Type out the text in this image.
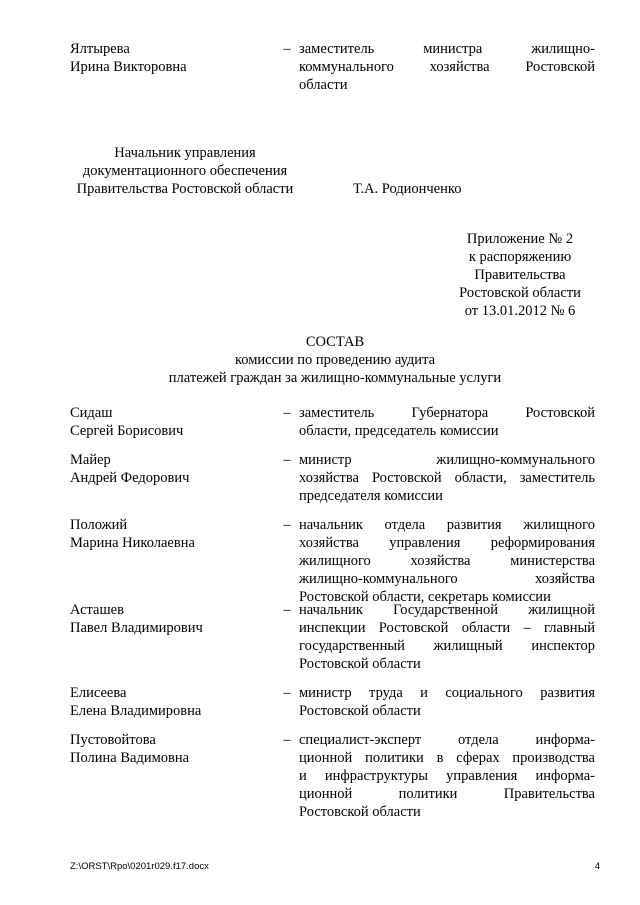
Ялтырева
Ирина Викторовна
– заместитель министра жилищно-
коммунального хозяйства Ростовской
области
Начальник управления
документационного обеспечения
Правительства Ростовской области	Т.А. Родионченко
Приложение № 2
к распоряжению
Правительства
Ростовской области
от 13.01.2012 № 6
СОСТАВ
комиссии по проведению аудита
платежей граждан за жилищно-коммунальные услуги
Сидаш
Сергей Борисович
– заместитель Губернатора Ростовской
области, председатель комиссии
Майер
Андрей Федорович
– министр жилищно-коммунального
хозяйства Ростовской области, заместитель
председателя комиссии
Положий
Марина Николаевна
– начальник отдела развития жилищного
хозяйства управления реформирования
жилищного хозяйства министерства
жилищно-коммунального хозяйства
Ростовской области, секретарь комиссии
Асташев
Павел Владимирович
– начальник Государственной жилищной
инспекции Ростовской области – главный
государственный жилищный инспектор
Ростовской области
Елисеева
Елена Владимировна
– министр труда и социального развития
Ростовской области
Пустовойтова
Полина Вадимовна
– специалист-эксперт отдела информа-
ционной политики в сферах производства
и инфраструктуры управления информа-
ционной политики Правительства
Ростовской области
Z:\ORST\Rpo\0201r029.f17.docx	4
